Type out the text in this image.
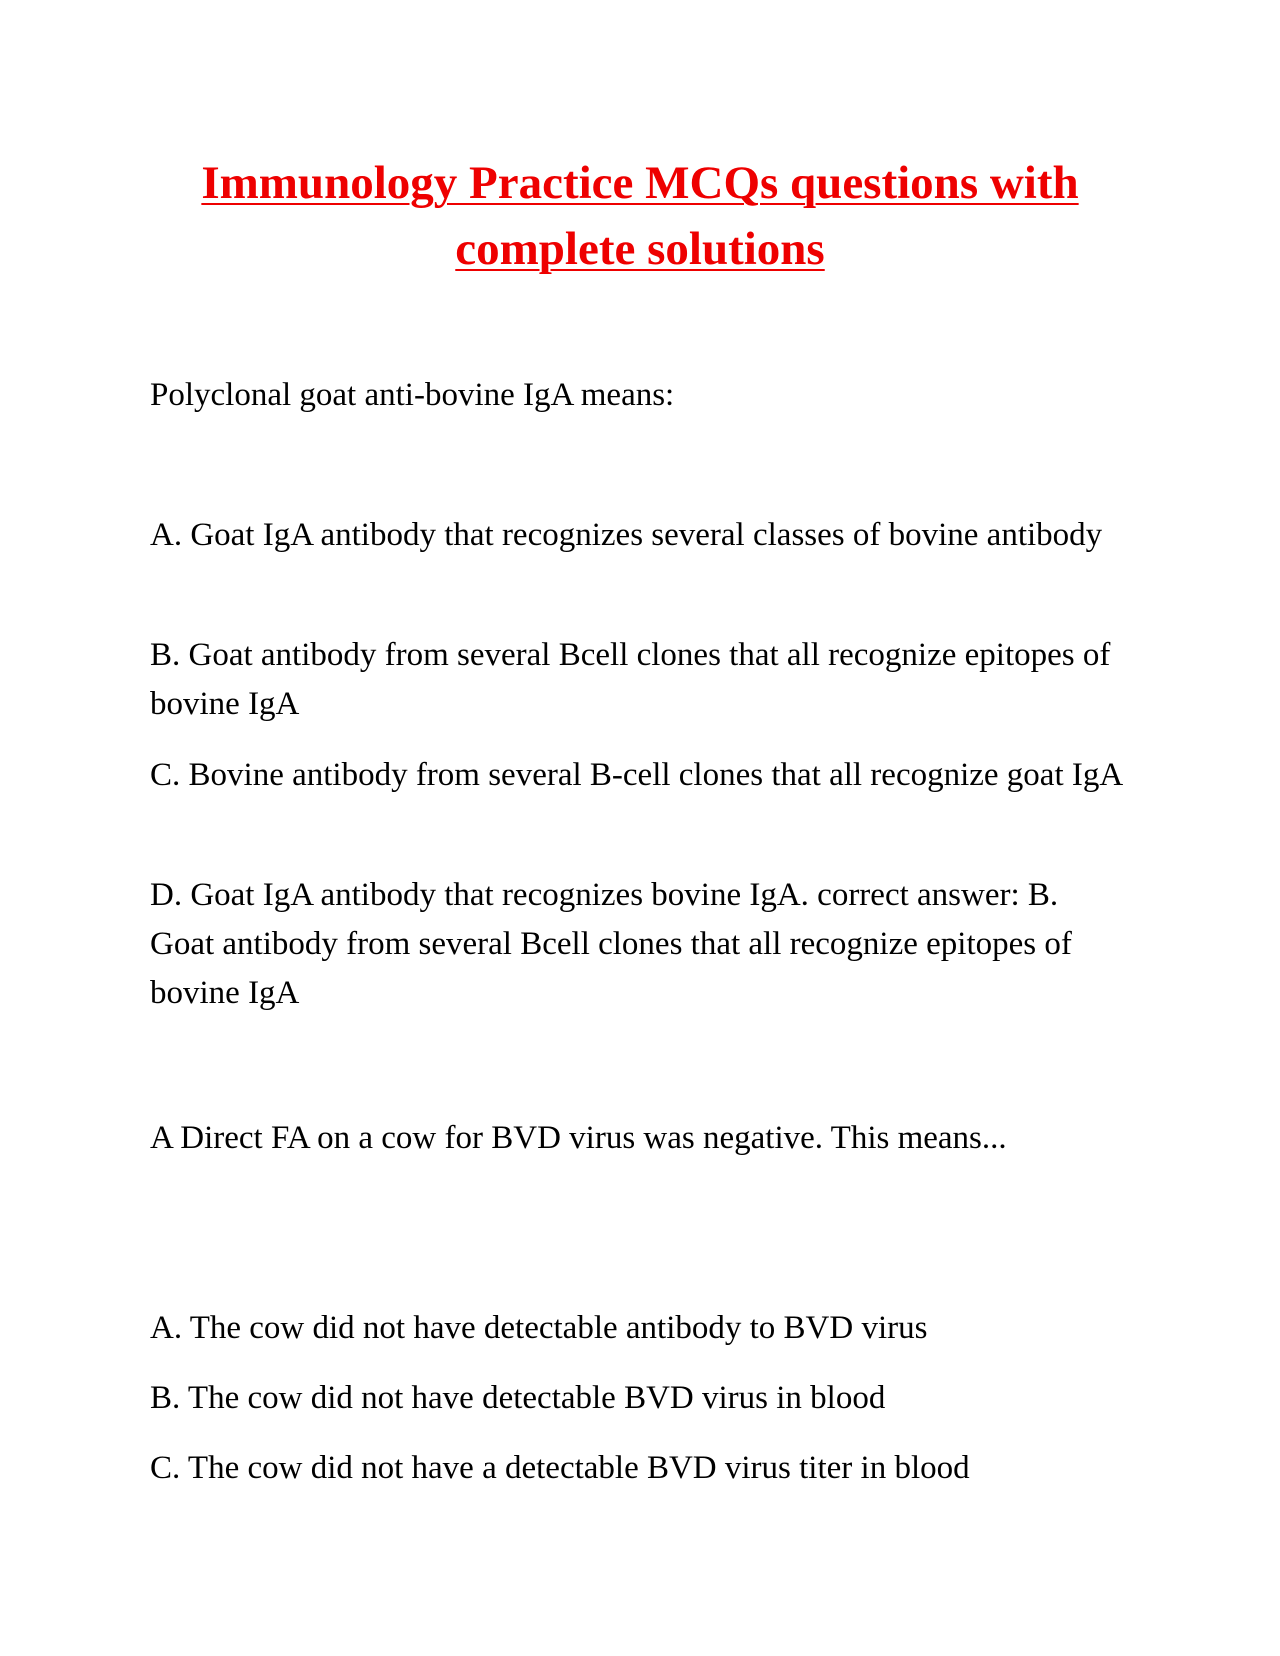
Immunology Practice MCQs questions with
complete solutions

Polyclonal goat anti-bovine IgA means:

A. Goat IgA antibody that recognizes several classes of bovine antibody

B. Goat antibody from several Bcell clones that all recognize epitopes of bovine IgA

C. Bovine antibody from several B-cell clones that all recognize goat IgA

D. Goat IgA antibody that recognizes bovine IgA. correct answer: B. Goat antibody from several Bcell clones that all recognize epitopes of bovine IgA

A Direct FA on a cow for BVD virus was negative. This means...

A. The cow did not have detectable antibody to BVD virus

B. The cow did not have detectable BVD virus in blood

C. The cow did not have a detectable BVD virus titer in blood
